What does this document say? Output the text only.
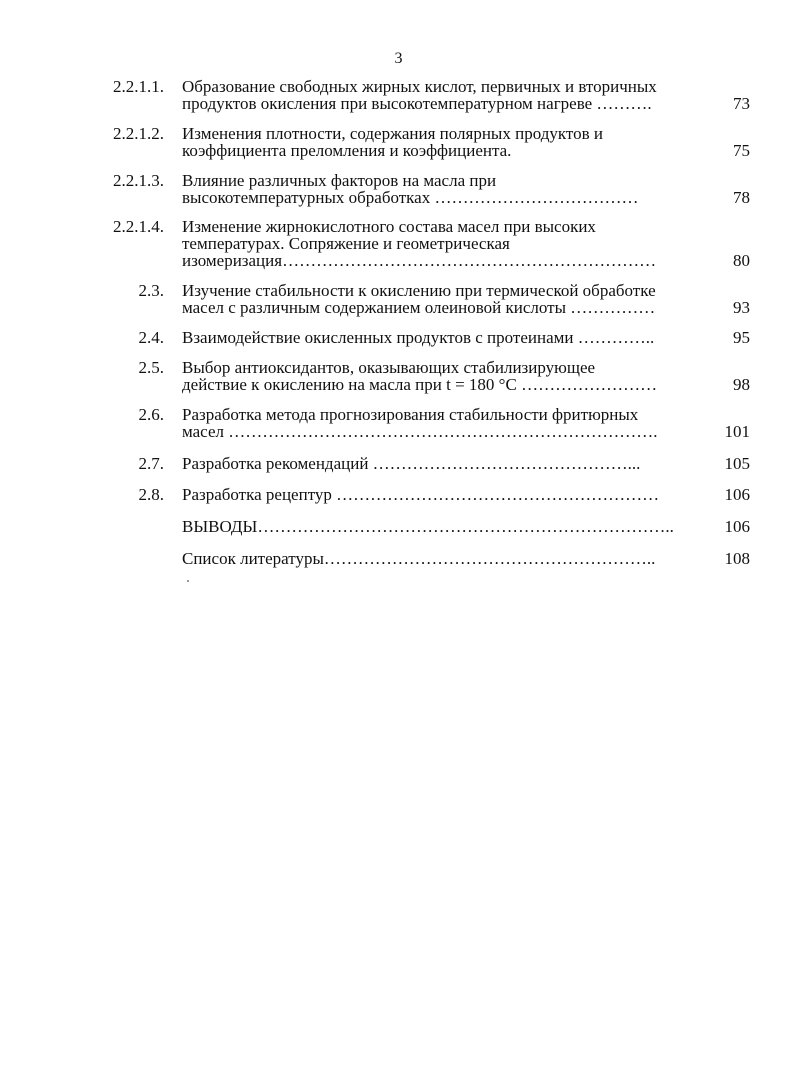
3
2.2.1.1. Образование свободных жирных кислот, первичных и вторичных
продуктов окисления при высокотемпературном нагреве ……….	73
2.2.1.2. Изменения плотности, содержания полярных продуктов и
коэффициента преломления и коэффициента.	75
2.2.1.3. Влияние различных факторов на масла при
высокотемпературных обработках ………………………………	78
2.2.1.4. Изменение жирнокислотного состава масел при высоких
температурах. Сопряжение и геометрическая
изомеризация…………………………………………………………	80
2.3. Изучение стабильности к окислению при термической обработке
масел с различным содержанием олеиновой кислоты ……………	93
2.4. Взаимодействие окисленных продуктов с протеинами …………..	95
2.5. Выбор антиоксидантов, оказывающих стабилизирующее
действие к окислению на масла при t = 180 °С ……………………	98
2.6. Разработка метода прогнозирования стабильности фритюрных
масел ………………………………………………………………….	101
2.7. Разработка рекомендаций ………………………………………...	105
2.8. Разработка рецептур …………………………………………………	106
ВЫВОДЫ………………………………………………………………..	106
Список литературы…………………………………………………..	108
